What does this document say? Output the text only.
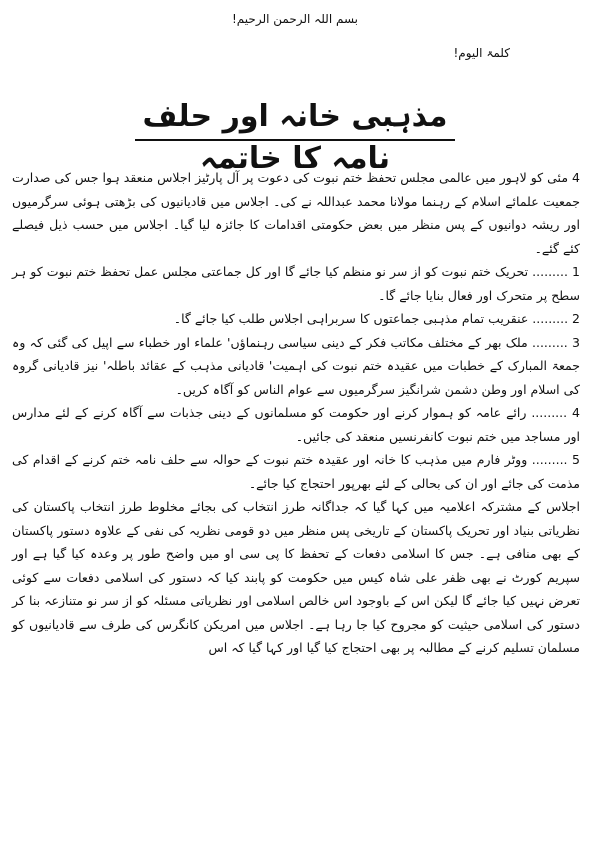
بسم اللہ الرحمن الرحیم!
کلمۃ الیوم!
مذہبی خانہ اور حلف نامہ کا خاتمہ

4 مئی کو لاہور میں عالمی مجلس تحفظ ختم نبوت کی دعوت پر آل پارٹیز اجلاس منعقد ہوا جس کی صدارت جمعیت علمائے اسلام کے رہنما مولانا محمد عبداللہ نے کی۔ اجلاس میں قادیانیوں کی بڑھتی ہوئی سرگرمیوں اور ریشہ دوانیوں کے پس منظر میں بعض حکومتی اقدامات کا جائزہ لیا گیا۔ اجلاس میں حسب ذیل فیصلے کئے گئے۔

1 ......... تحریک ختم نبوت کو از سر نو منظم کیا جائے گا اور کل جماعتی مجلس عمل تحفظ ختم نبوت کو ہر سطح پر متحرک اور فعال بنایا جائے گا۔

2 ......... عنقریب تمام مذہبی جماعتوں کا سربراہی اجلاس طلب کیا جائے گا۔

3 ......... ملک بھر کے مختلف مکاتب فکر کے دینی سیاسی رہنماؤں' علماء اور خطباء سے اپیل کی گئی کہ وہ جمعۃ المبارک کے خطبات میں عقیدہ ختم نبوت کی اہمیت' قادیانی مذہب کے عقائد باطلہ' نیز قادیانی گروہ کی اسلام اور وطن دشمن شرانگیز سرگرمیوں سے عوام الناس کو آگاہ کریں۔

4 ......... رائے عامہ کو ہموار کرنے اور حکومت کو مسلمانوں کے دینی جذبات سے آگاہ کرنے کے لئے مدارس اور مساجد میں ختم نبوت کانفرنسیں منعقد کی جائیں۔

5 ......... ووٹر فارم میں مذہب کا خانہ اور عقیدہ ختم نبوت کے حوالہ سے حلف نامہ ختم کرنے کے اقدام کی مذمت کی جائے اور ان کی بحالی کے لئے بھرپور احتجاج کیا جائے۔

اجلاس کے مشترکہ اعلامیہ میں کہا گیا کہ جداگانہ طرز انتخاب کی بجائے مخلوط طرز انتخاب پاکستان کی نظریاتی بنیاد اور تحریک پاکستان کے تاریخی پس منظر میں دو قومی نظریہ کی نفی کے علاوہ دستور پاکستان کے بھی منافی ہے۔ جس کا اسلامی دفعات کے تحفظ کا پی سی او میں واضح طور پر وعدہ کیا گیا ہے اور سپریم کورٹ نے بھی ظفر علی شاہ کیس میں حکومت کو پابند کیا کہ دستور کی اسلامی دفعات سے کوئی تعرض نہیں کیا جائے گا لیکن اس کے باوجود اس خالص اسلامی اور نظریاتی مسئلہ کو از سر نو متنازعہ بنا کر دستور کی اسلامی حیثیت کو مجروح کیا جا رہا ہے۔ اجلاس میں امریکن کانگرس کی طرف سے قادیانیوں کو مسلمان تسلیم کرنے کے مطالبہ پر بھی احتجاج کیا گیا اور کہا گیا کہ اس
